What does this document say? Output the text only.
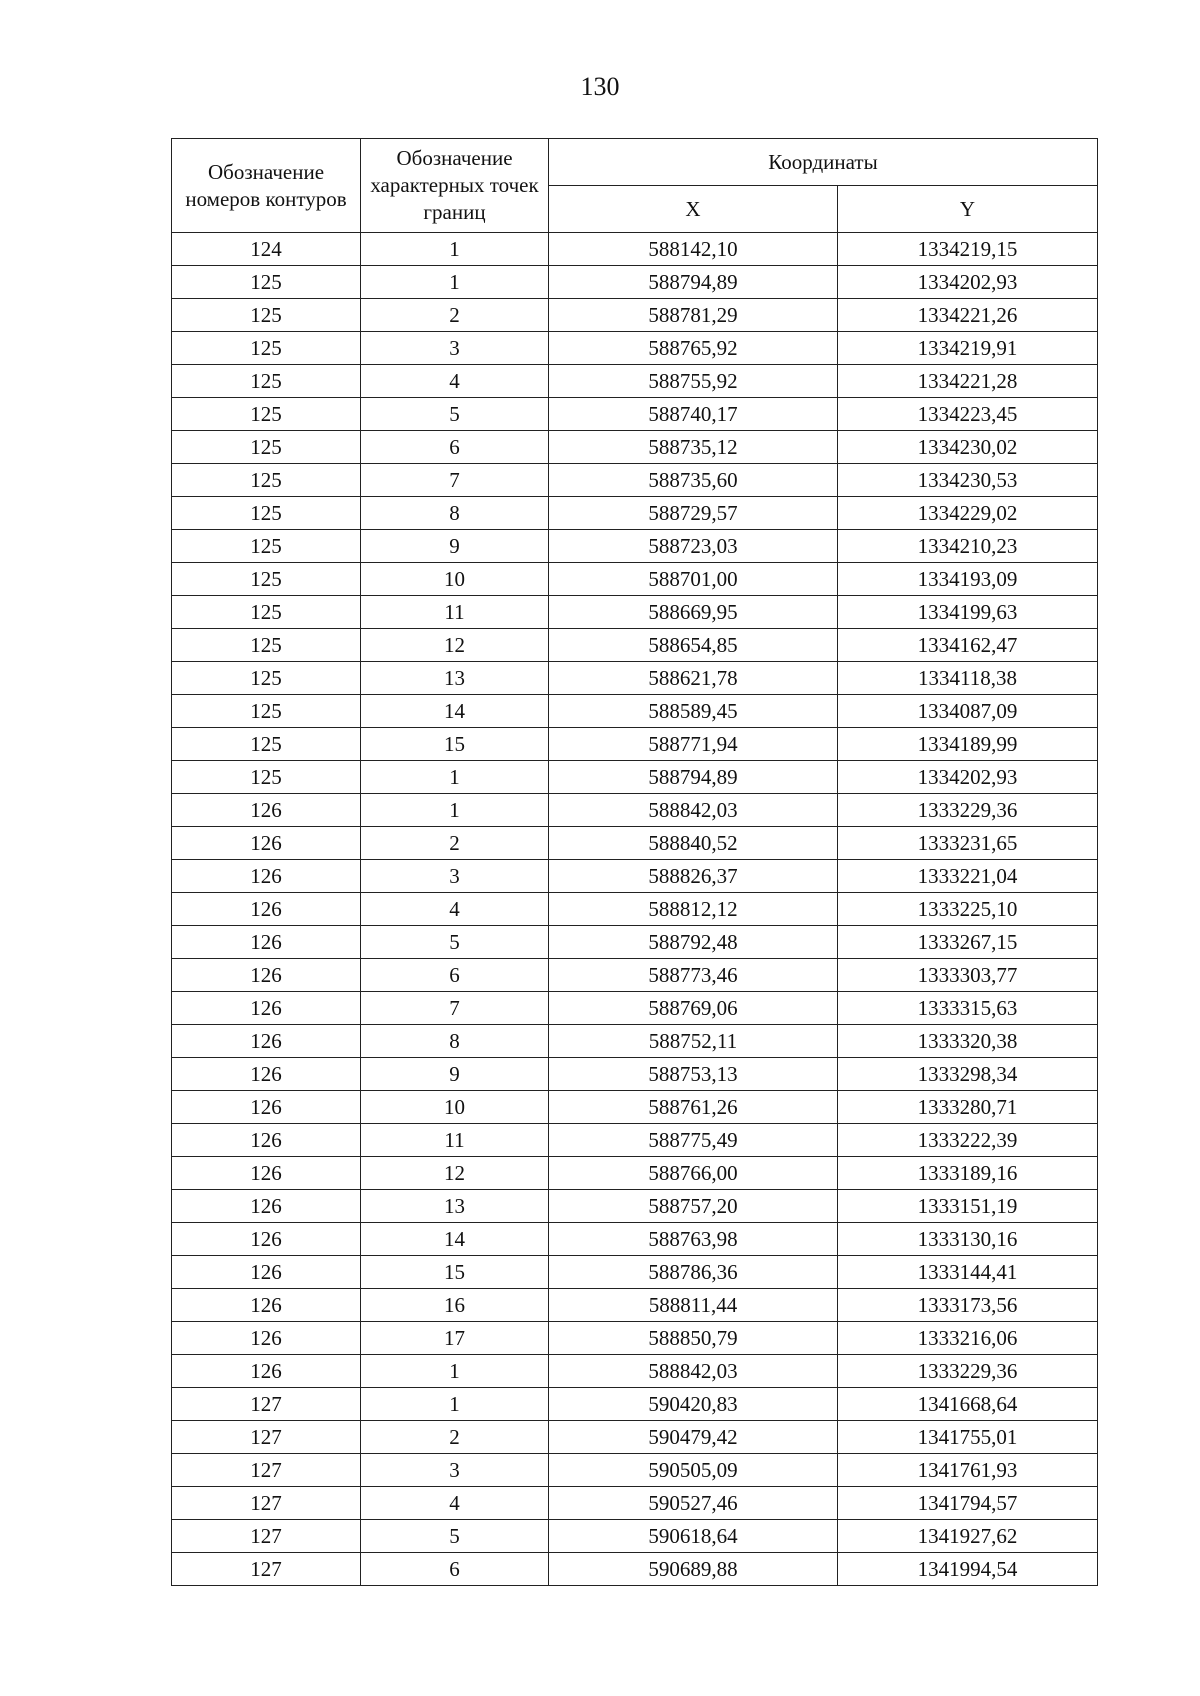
130
Обозначение номеров контуров	Обозначение характерных точек границ	Координаты	
		X	Y
124	1	588142,10	1334219,15
125	1	588794,89	1334202,93
125	2	588781,29	1334221,26
125	3	588765,92	1334219,91
125	4	588755,92	1334221,28
125	5	588740,17	1334223,45
125	6	588735,12	1334230,02
125	7	588735,60	1334230,53
125	8	588729,57	1334229,02
125	9	588723,03	1334210,23
125	10	588701,00	1334193,09
125	11	588669,95	1334199,63
125	12	588654,85	1334162,47
125	13	588621,78	1334118,38
125	14	588589,45	1334087,09
125	15	588771,94	1334189,99
125	1	588794,89	1334202,93
126	1	588842,03	1333229,36
126	2	588840,52	1333231,65
126	3	588826,37	1333221,04
126	4	588812,12	1333225,10
126	5	588792,48	1333267,15
126	6	588773,46	1333303,77
126	7	588769,06	1333315,63
126	8	588752,11	1333320,38
126	9	588753,13	1333298,34
126	10	588761,26	1333280,71
126	11	588775,49	1333222,39
126	12	588766,00	1333189,16
126	13	588757,20	1333151,19
126	14	588763,98	1333130,16
126	15	588786,36	1333144,41
126	16	588811,44	1333173,56
126	17	588850,79	1333216,06
126	1	588842,03	1333229,36
127	1	590420,83	1341668,64
127	2	590479,42	1341755,01
127	3	590505,09	1341761,93
127	4	590527,46	1341794,57
127	5	590618,64	1341927,62
127	6	590689,88	1341994,54
